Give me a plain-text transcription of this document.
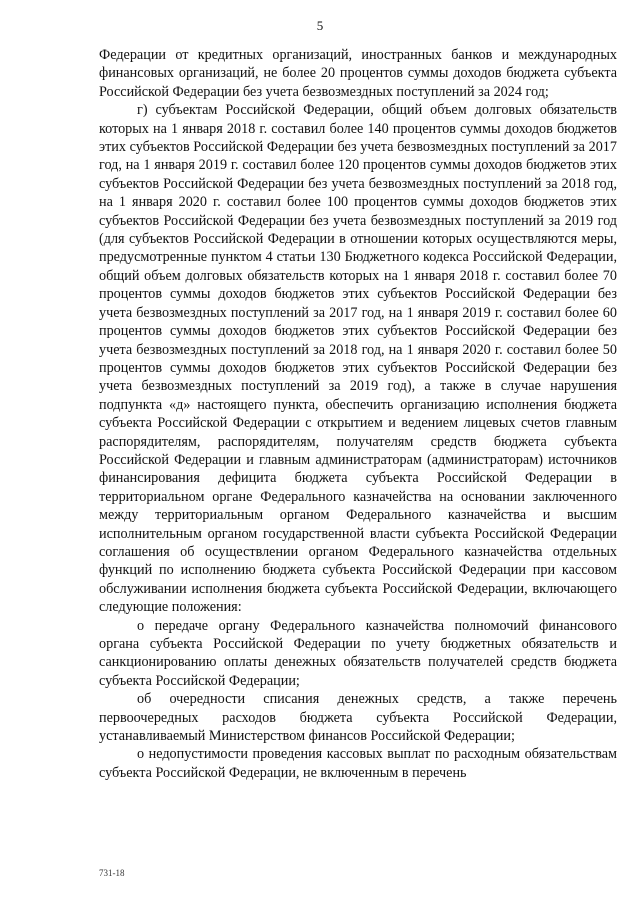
5

Федерации от кредитных организаций, иностранных банков и международных финансовых организаций, не более 20 процентов суммы доходов бюджета субъекта Российской Федерации без учета безвозмездных поступлений за 2024 год;

г) субъектам Российской Федерации, общий объем долговых обязательств которых на 1 января 2018 г. составил более 140 процентов суммы доходов бюджетов этих субъектов Российской Федерации без учета безвозмездных поступлений за 2017 год, на 1 января 2019 г. составил более 120 процентов суммы доходов бюджетов этих субъектов Российской Федерации без учета безвозмездных поступлений за 2018 год, на 1 января 2020 г. составил более 100 процентов суммы доходов бюджетов этих субъектов Российской Федерации без учета безвозмездных поступлений за 2019 год (для субъектов Российской Федерации в отношении которых осуществляются меры, предусмотренные пунктом 4 статьи 130 Бюджетного кодекса Российской Федерации, общий объем долговых обязательств которых на 1 января 2018 г. составил более 70 процентов суммы доходов бюджетов этих субъектов Российской Федерации без учета безвозмездных поступлений за 2017 год, на 1 января 2019 г. составил более 60 процентов суммы доходов бюджетов этих субъектов Российской Федерации без учета безвозмездных поступлений за 2018 год, на 1 января 2020 г. составил более 50 процентов суммы доходов бюджетов этих субъектов Российской Федерации без учета безвозмездных поступлений за 2019 год), а также в случае нарушения подпункта «д» настоящего пункта, обеспечить организацию исполнения бюджета субъекта Российской Федерации с открытием и ведением лицевых счетов главным распорядителям, распорядителям, получателям средств бюджета субъекта Российской Федерации и главным администраторам (администраторам) источников финансирования дефицита бюджета субъекта Российской Федерации в территориальном органе Федерального казначейства на основании заключенного между территориальным органом Федерального казначейства и высшим исполнительным органом государственной власти субъекта Российской Федерации соглашения об осуществлении органом Федерального казначейства отдельных функций по исполнению бюджета субъекта Российской Федерации при кассовом обслуживании исполнения бюджета субъекта Российской Федерации, включающего следующие положения:

о передаче органу Федерального казначейства полномочий финансового органа субъекта Российской Федерации по учету бюджетных обязательств и санкционированию оплаты денежных обязательств получателей средств бюджета субъекта Российской Федерации;

об очередности списания денежных средств, а также перечень первоочередных расходов бюджета субъекта Российской Федерации, устанавливаемый Министерством финансов Российской Федерации;

о недопустимости проведения кассовых выплат по расходным обязательствам субъекта Российской Федерации, не включенным в перечень

731-18
